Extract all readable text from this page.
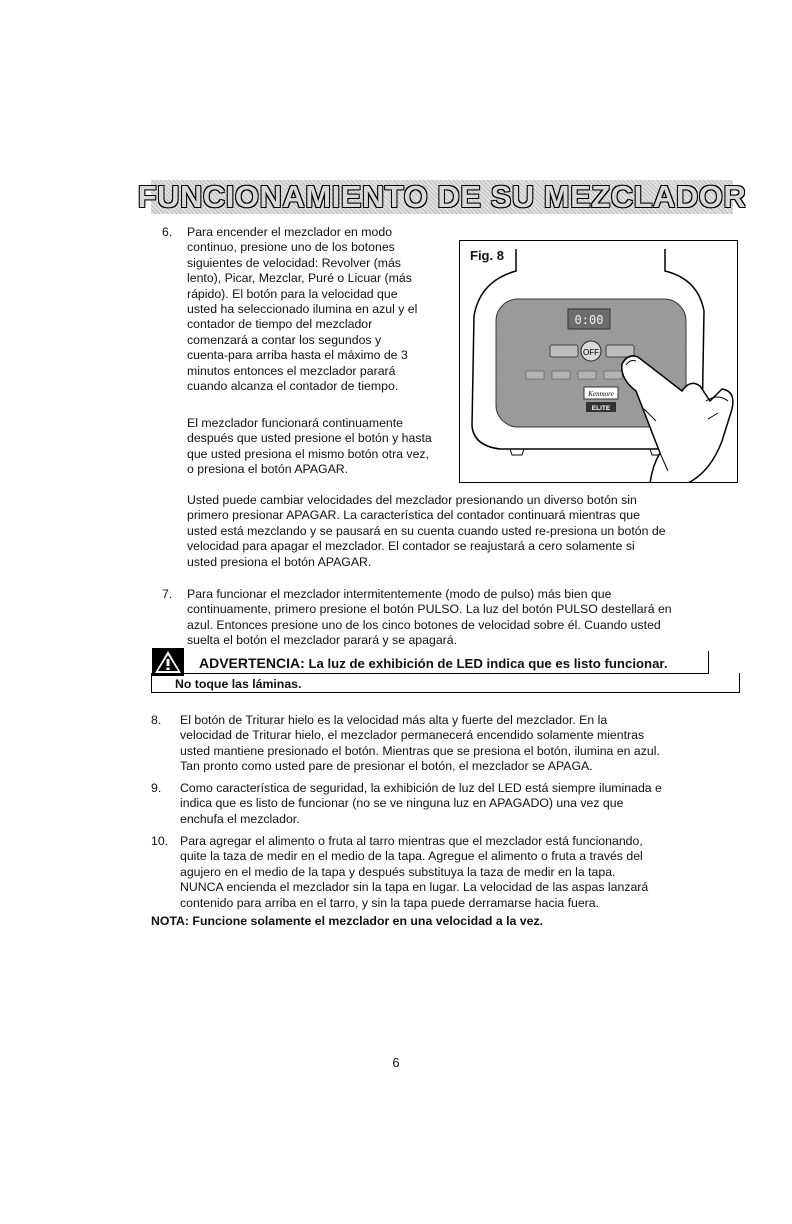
FUNCIONAMIENTO DE SU MEZCLADOR
6. Para encender el mezclador en modo
continuo, presione uno de los botones
siguientes de velocidad: Revolver (más
lento), Picar, Mezclar, Puré o Licuar (más
rápido). El botón para la velocidad que
usted ha seleccionado ilumina en azul y el
contador de tiempo del mezclador
comenzará a contar los segundos y
cuenta-para arriba hasta el máximo de 3
minutos entonces el mezclador parará
cuando alcanza el contador de tiempo.
El mezclador funcionará continuamente
después que usted presione el botón y hasta
que usted presiona el mismo botón otra vez,
o presiona el botón APAGAR.
Usted puede cambiar velocidades del mezclador presionando un diverso botón sin
primero presionar APAGAR. La característica del contador continuará mientras que
usted está mezclando y se pausará en su cuenta cuando usted re-presiona un botón de
velocidad para apagar el mezclador. El contador se reajustará a cero solamente si
usted presiona el botón APAGAR.
Fig. 8
0:00
OFF
Kenmore
ELITE
7. Para funcionar el mezclador intermitentemente (modo de pulso) más bien que
continuamente, primero presione el botón PULSO. La luz del botón PULSO destellará en
azul. Entonces presione uno de los cinco botones de velocidad sobre él. Cuando usted
suelta el botón el mezclador parará y se apagará.
ADVERTENCIA: La luz de exhibición de LED indica que es listo funcionar.
No toque las láminas.
8. El botón de Triturar hielo es la velocidad más alta y fuerte del mezclador. En la
velocidad de Triturar hielo, el mezclador permanecerá encendido solamente mientras
usted mantiene presionado el botón. Mientras que se presiona el botón, ilumina en azul.
Tan pronto como usted pare de presionar el botón, el mezclador se APAGA.
9. Como característica de seguridad, la exhibición de luz del LED está siempre iluminada e
indica que es listo de funcionar (no se ve ninguna luz en APAGADO) una vez que
enchufa el mezclador.
10. Para agregar el alimento o fruta al tarro mientras que el mezclador está funcionando,
quite la taza de medir en el medio de la tapa. Agregue el alimento o fruta a través del
agujero en el medio de la tapa y después substituya la taza de medir en la tapa.
NUNCA encienda el mezclador sin la tapa en lugar. La velocidad de las aspas lanzará
contenido para arriba en el tarro, y sin la tapa puede derramarse hacia fuera.
NOTA: Funcione solamente el mezclador en una velocidad a la vez.
6
